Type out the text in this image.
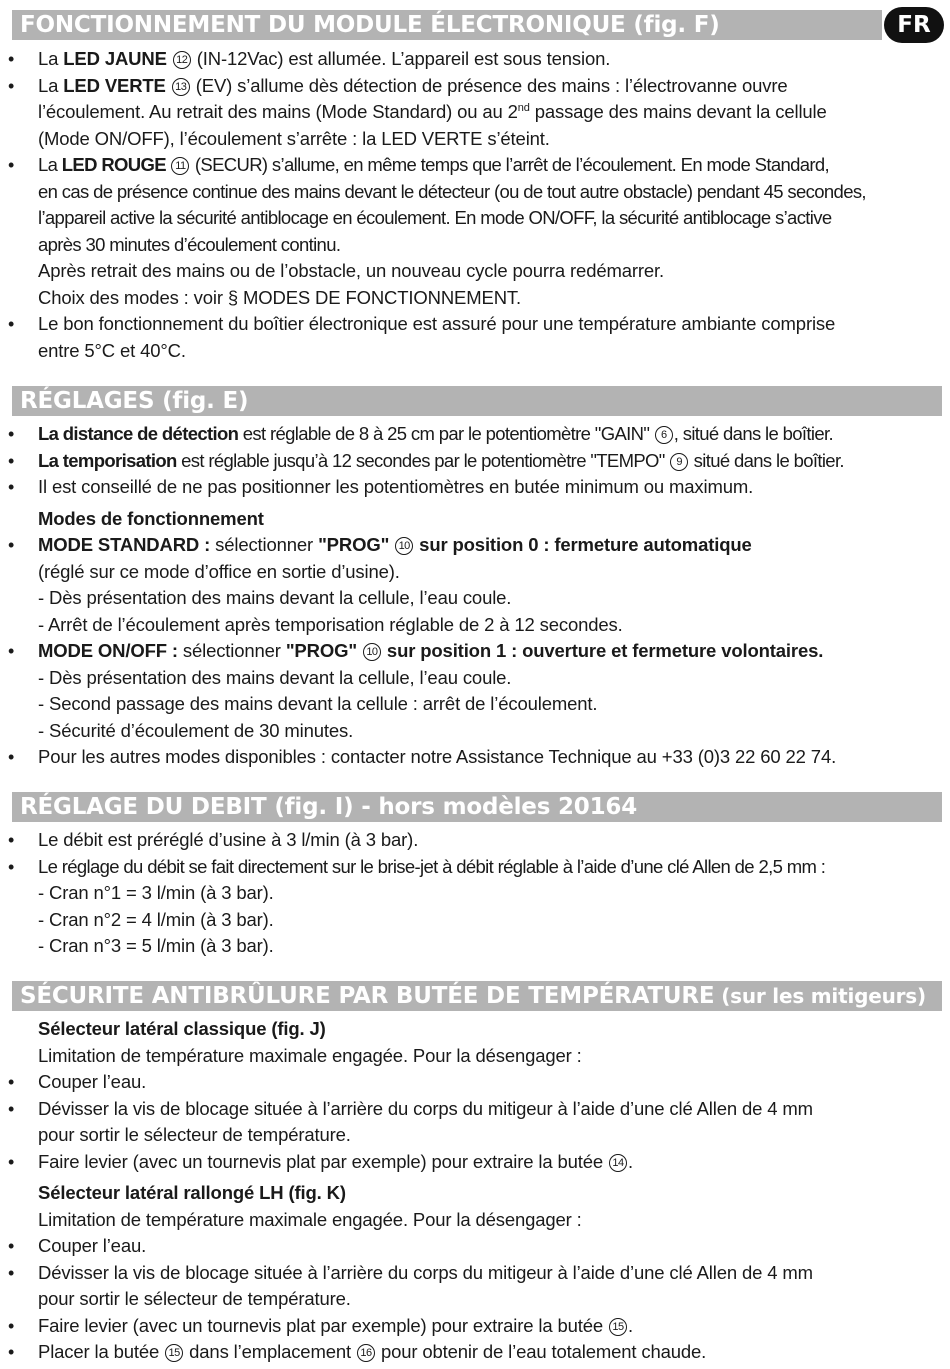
FR
FONCTIONNEMENT DU MODULE ÉLECTRONIQUE (fig. F)
• La LED JAUNE 12 (IN-12Vac) est allumée. L’appareil est sous tension.
• La LED VERTE 13 (EV) s’allume dès détection de présence des mains : l’électrovanne ouvre
l’écoulement. Au retrait des mains (Mode Standard) ou au 2nd passage des mains devant la cellule
(Mode ON/OFF), l’écoulement s’arrête : la LED VERTE s’éteint.
• La LED ROUGE 11 (SECUR) s’allume, en même temps que l’arrêt de l’écoulement. En mode Standard,
en cas de présence continue des mains devant le détecteur (ou de tout autre obstacle) pendant 45 secondes,
l’appareil active la sécurité antiblocage en écoulement. En mode ON/OFF, la sécurité antiblocage s’active
après 30 minutes d’écoulement continu.
Après retrait des mains ou de l’obstacle, un nouveau cycle pourra redémarrer.
Choix des modes : voir § MODES DE FONCTIONNEMENT.
• Le bon fonctionnement du boîtier électronique est assuré pour une température ambiante comprise
entre 5°C et 40°C.
RÉGLAGES (fig. E)
• La distance de détection est réglable de 8 à 25 cm par le potentiomètre "GAIN" 6 , situé dans le boîtier.
• La temporisation est réglable jusqu’à 12 secondes par le potentiomètre "TEMPO" 9 situé dans le boîtier.
• Il est conseillé de ne pas positionner les potentiomètres en butée minimum ou maximum.
Modes de fonctionnement
• MODE STANDARD : sélectionner "PROG" 10 sur position 0 : fermeture automatique
(réglé sur ce mode d’office en sortie d’usine).
- Dès présentation des mains devant la cellule, l’eau coule.
- Arrêt de l’écoulement après temporisation réglable de 2 à 12 secondes.
• MODE ON/OFF : sélectionner "PROG" 10 sur position 1 : ouverture et fermeture volontaires.
- Dès présentation des mains devant la cellule, l’eau coule.
- Second passage des mains devant la cellule : arrêt de l’écoulement.
- Sécurité d’écoulement de 30 minutes.
• Pour les autres modes disponibles : contacter notre Assistance Technique au +33 (0)3 22 60 22 74.
RÉGLAGE DU DEBIT (fig. I) - hors modèles 20164
• Le débit est préréglé d’usine à 3 l/min (à 3 bar).
• Le réglage du débit se fait directement sur le brise-jet à débit réglable à l’aide d’une clé Allen de 2,5 mm :
- Cran n°1 = 3 l/min (à 3 bar).
- Cran n°2 = 4 l/min (à 3 bar).
- Cran n°3 = 5 l/min (à 3 bar).
SÉCURITE ANTIBRÛLURE PAR BUTÉE DE TEMPÉRATURE (sur les mitigeurs)
Sélecteur latéral classique (fig. J)
Limitation de température maximale engagée. Pour la désengager :
• Couper l’eau.
• Dévisser la vis de blocage située à l’arrière du corps du mitigeur à l’aide d’une clé Allen de 4 mm
pour sortir le sélecteur de température.
• Faire levier (avec un tournevis plat par exemple) pour extraire la butée 14 .
Sélecteur latéral rallongé LH (fig. K)
Limitation de température maximale engagée. Pour la désengager :
• Couper l’eau.
• Dévisser la vis de blocage située à l’arrière du corps du mitigeur à l’aide d’une clé Allen de 4 mm
pour sortir le sélecteur de température.
• Faire levier (avec un tournevis plat par exemple) pour extraire la butée 15 .
• Placer la butée 15 dans l’emplacement 16 pour obtenir de l’eau totalement chaude.
